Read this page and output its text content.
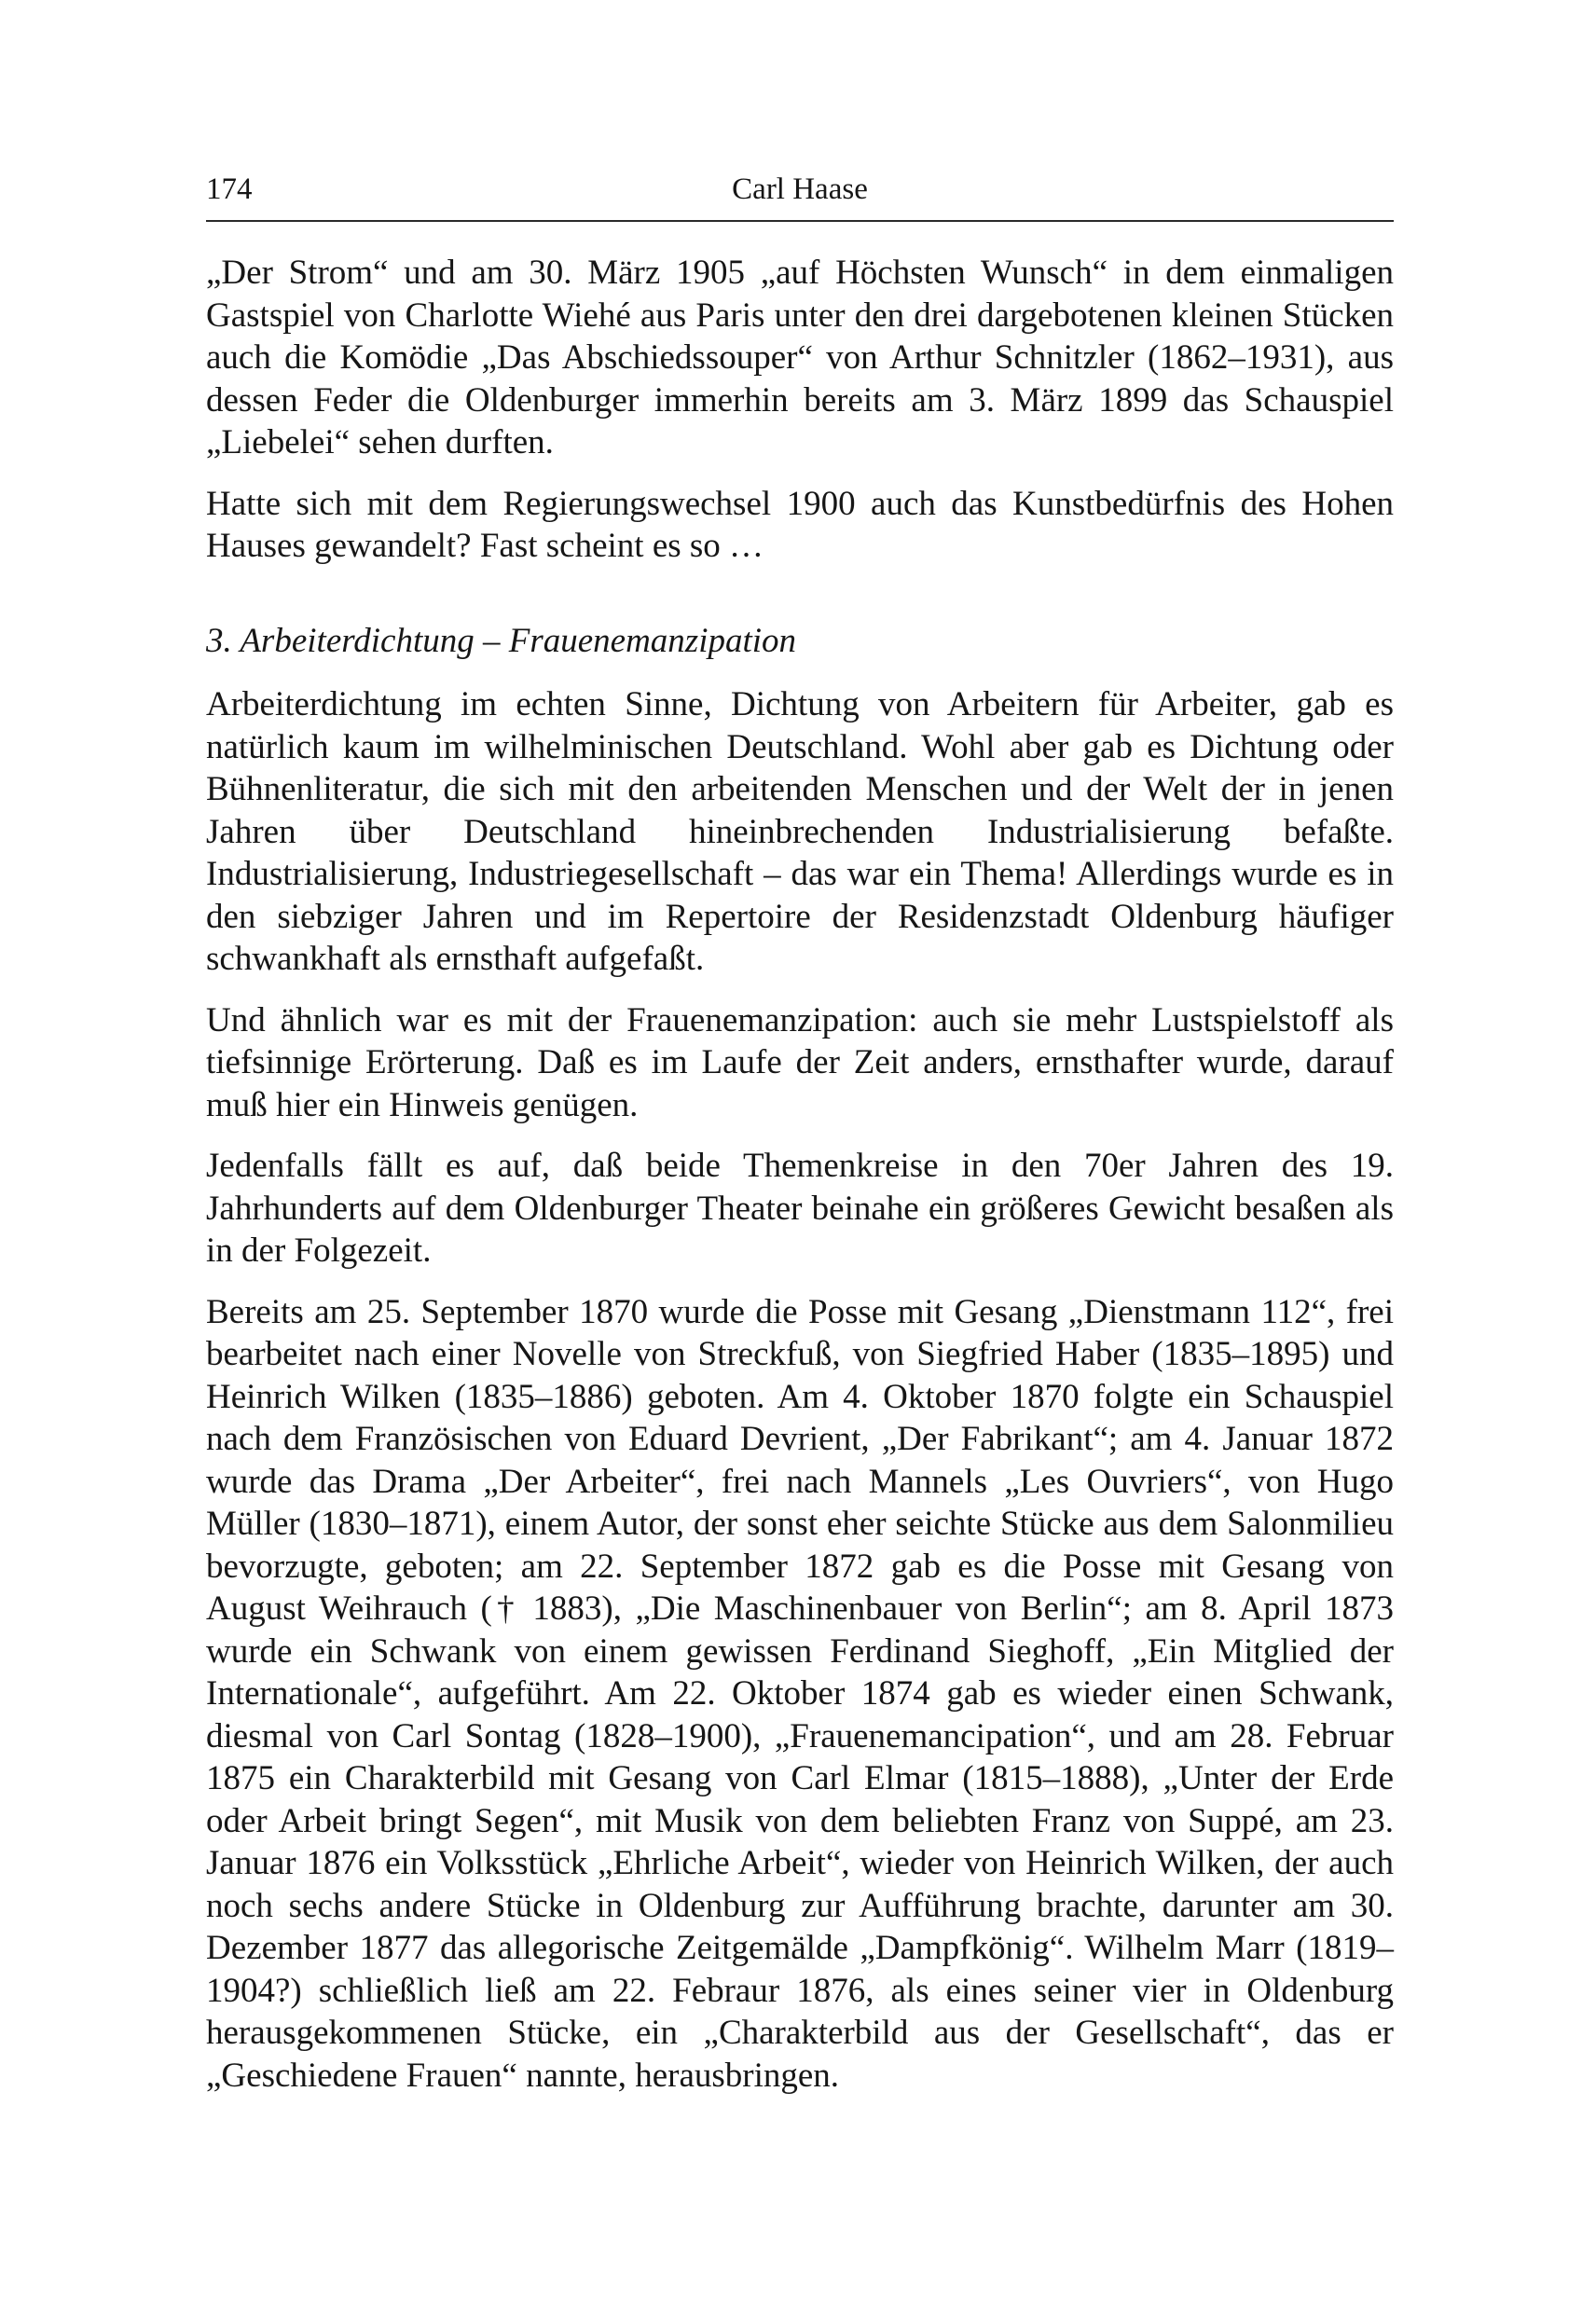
174	Carl Haase

„Der Strom“ und am 30. März 1905 „auf Höchsten Wunsch“ in dem einmaligen Gastspiel von Charlotte Wiehé aus Paris unter den drei dargebotenen kleinen Stücken auch die Komödie „Das Abschiedssouper“ von Arthur Schnitzler (1862–1931), aus dessen Feder die Oldenburger immerhin bereits am 3. März 1899 das Schauspiel „Liebelei“ sehen durften.

Hatte sich mit dem Regierungswechsel 1900 auch das Kunstbedürfnis des Hohen Hauses gewandelt? Fast scheint es so …

3. Arbeiterdichtung – Frauenemanzipation

Arbeiterdichtung im echten Sinne, Dichtung von Arbeitern für Arbeiter, gab es natürlich kaum im wilhelminischen Deutschland. Wohl aber gab es Dichtung oder Bühnenliteratur, die sich mit den arbeitenden Menschen und der Welt der in jenen Jahren über Deutschland hineinbrechenden Industrialisierung befaßte. Industrialisierung, Industriegesellschaft – das war ein Thema! Allerdings wurde es in den siebziger Jahren und im Repertoire der Residenzstadt Oldenburg häufiger schwankhaft als ernsthaft aufgefaßt.

Und ähnlich war es mit der Frauenemanzipation: auch sie mehr Lustspielstoff als tiefsinnige Erörterung. Daß es im Laufe der Zeit anders, ernsthafter wurde, darauf muß hier ein Hinweis genügen.

Jedenfalls fällt es auf, daß beide Themenkreise in den 70er Jahren des 19. Jahrhunderts auf dem Oldenburger Theater beinahe ein größeres Gewicht besaßen als in der Folgezeit.

Bereits am 25. September 1870 wurde die Posse mit Gesang „Dienstmann 112“, frei bearbeitet nach einer Novelle von Streckfuß, von Siegfried Haber (1835–1895) und Heinrich Wilken (1835–1886) geboten. Am 4. Oktober 1870 folgte ein Schauspiel nach dem Französischen von Eduard Devrient, „Der Fabrikant“; am 4. Januar 1872 wurde das Drama „Der Arbeiter“, frei nach Mannels „Les Ouvriers“, von Hugo Müller (1830–1871), einem Autor, der sonst eher seichte Stücke aus dem Salonmilieu bevorzugte, geboten; am 22. September 1872 gab es die Posse mit Gesang von August Weihrauch († 1883), „Die Maschinenbauer von Berlin“; am 8. April 1873 wurde ein Schwank von einem gewissen Ferdinand Sieghoff, „Ein Mitglied der Internationale“, aufgeführt. Am 22. Oktober 1874 gab es wieder einen Schwank, diesmal von Carl Sontag (1828–1900), „Frauenemancipation“, und am 28. Februar 1875 ein Charakterbild mit Gesang von Carl Elmar (1815–1888), „Unter der Erde oder Arbeit bringt Segen“, mit Musik von dem beliebten Franz von Suppé, am 23. Januar 1876 ein Volksstück „Ehrliche Arbeit“, wieder von Heinrich Wilken, der auch noch sechs andere Stücke in Oldenburg zur Aufführung brachte, darunter am 30. Dezember 1877 das allegorische Zeitgemälde „Dampfkönig“. Wilhelm Marr (1819–1904?) schließlich ließ am 22. Febraur 1876, als eines seiner vier in Oldenburg herausgekommenen Stücke, ein „Charakterbild aus der Gesellschaft“, das er „Geschiedene Frauen“ nannte, herausbringen.
